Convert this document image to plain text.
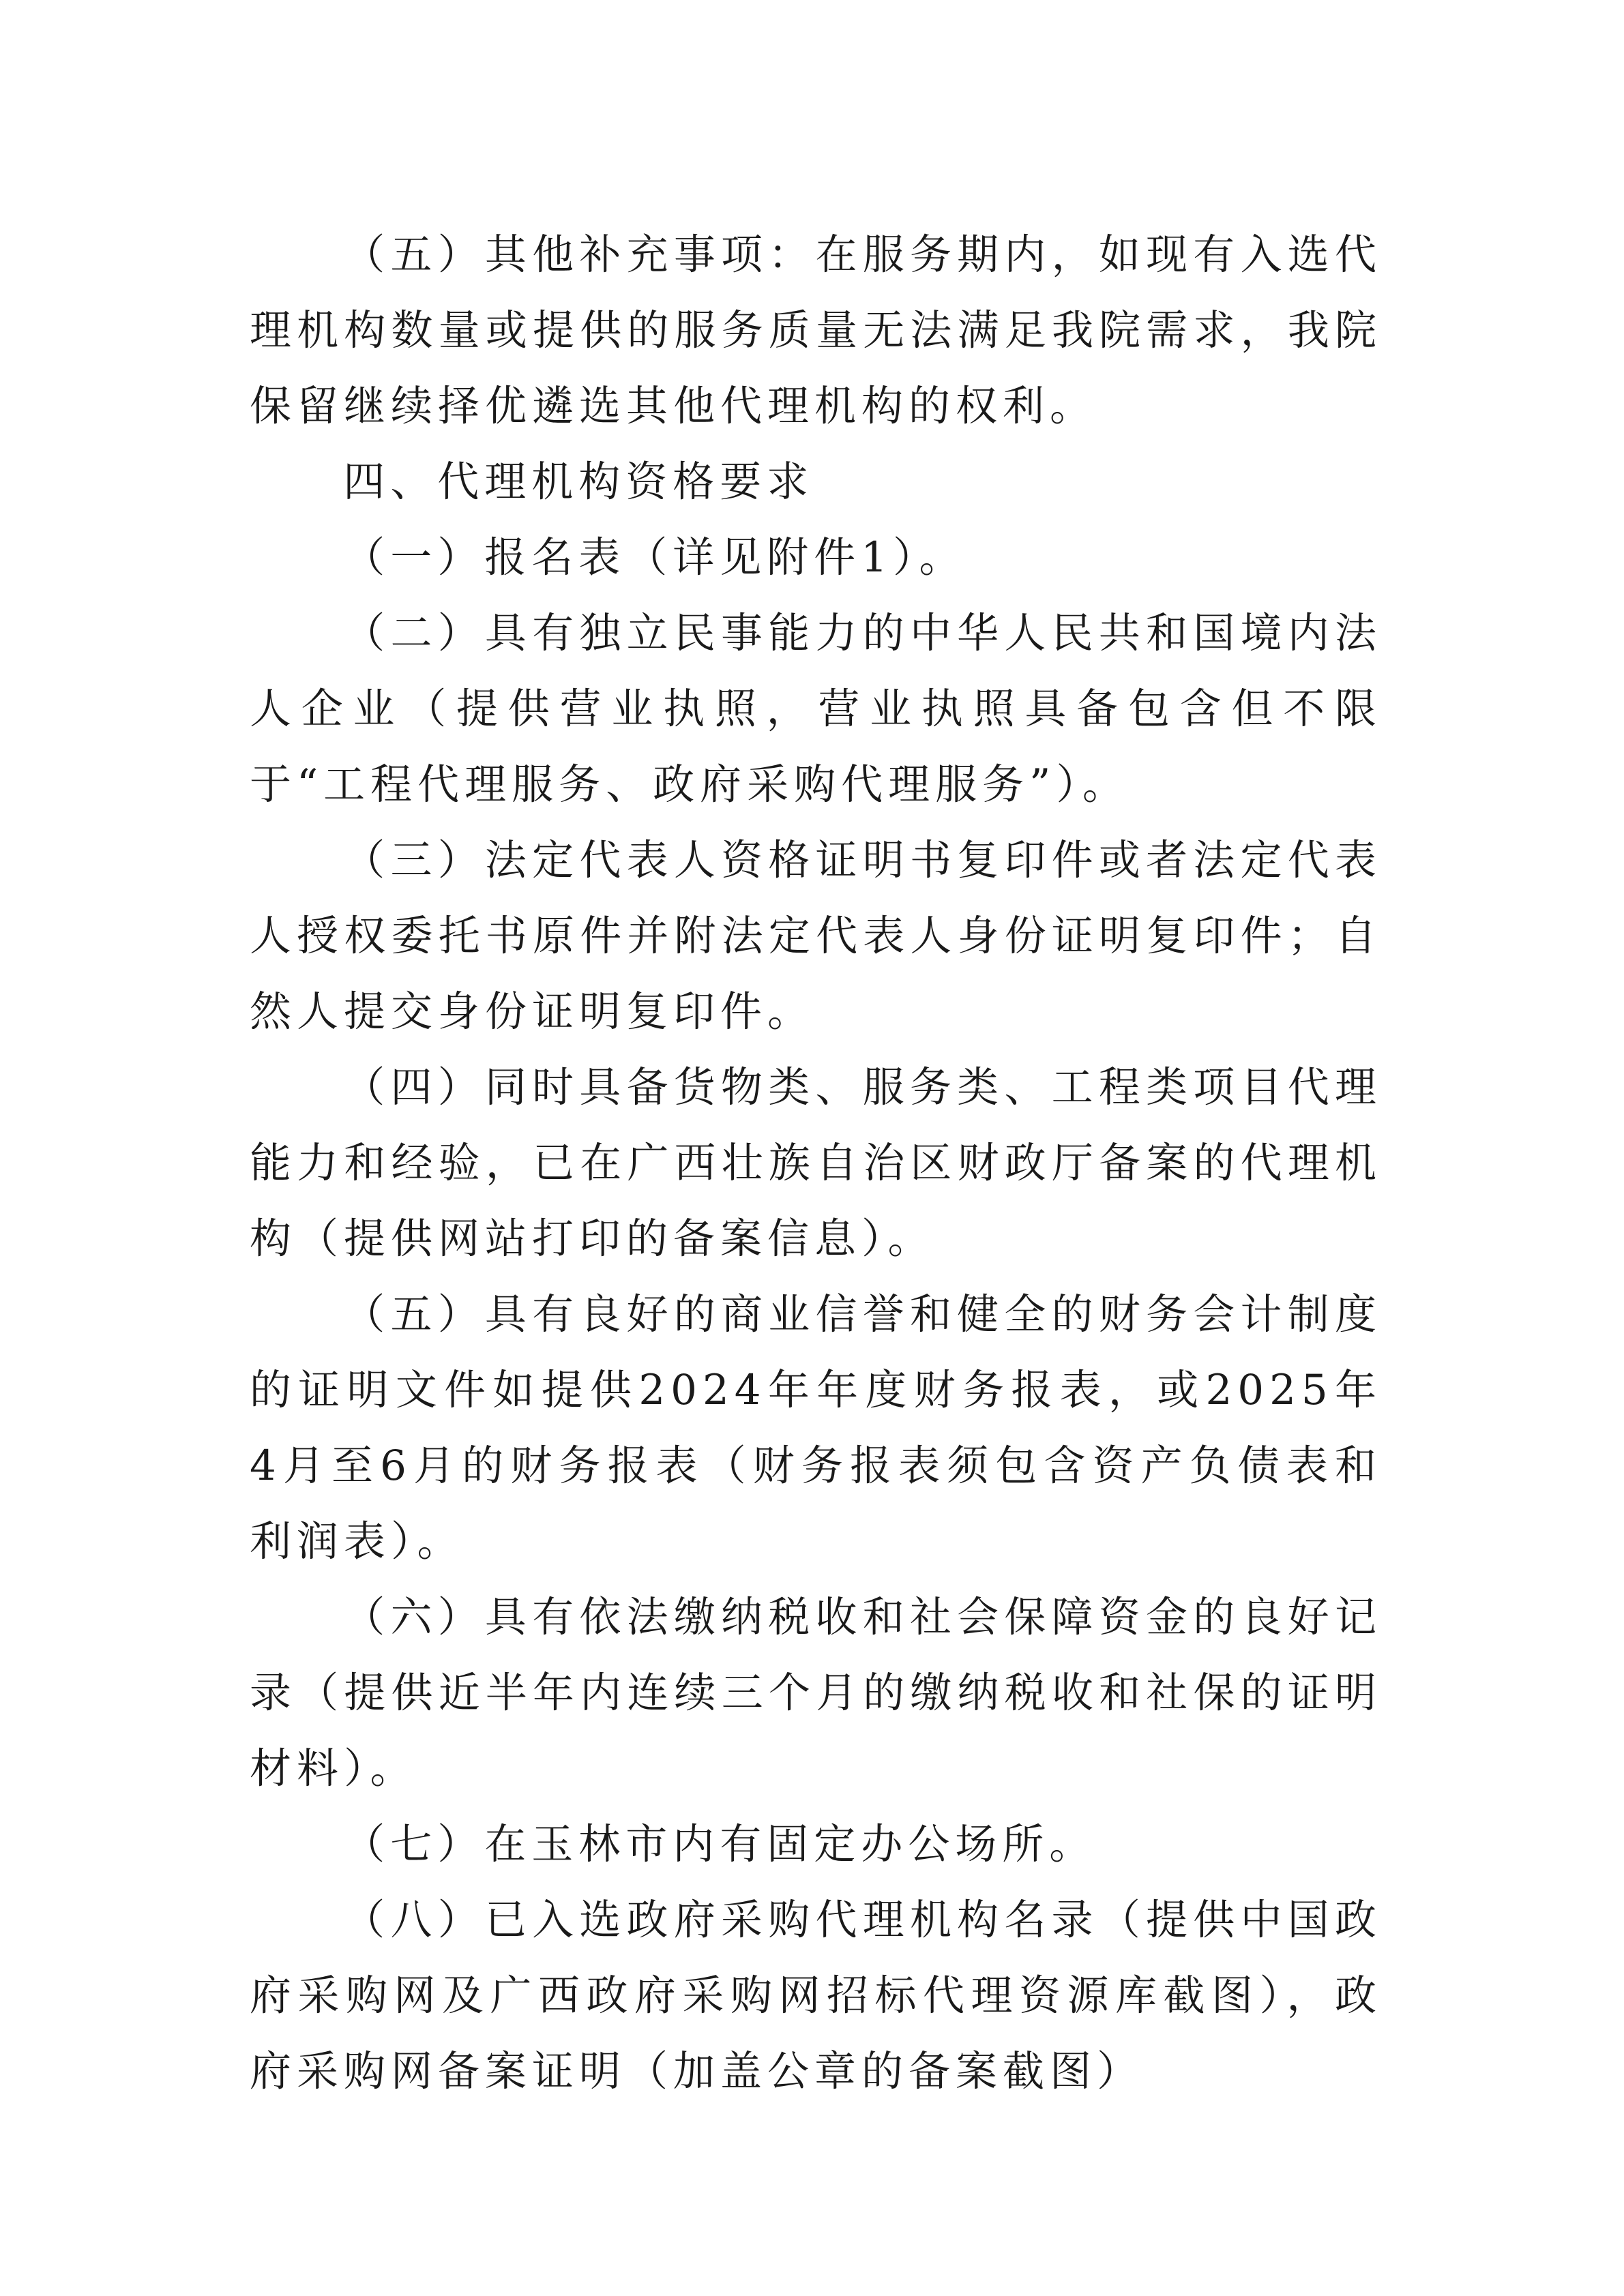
（五）其他补充事项：在服务期内，如现有入选代理机构数量或提供的服务质量无法满足我院需求，我院保留继续择优遴选其他代理机构的权利。

四、代理机构资格要求

（一）报名表（详见附件1）。

（二）具有独立民事能力的中华人民共和国境内法人企业（提供营业执照，营业执照具备包含但不限于“工程代理服务、政府采购代理服务”）。

（三）法定代表人资格证明书复印件或者法定代表人授权委托书原件并附法定代表人身份证明复印件；自然人提交身份证明复印件。

（四）同时具备货物类、服务类、工程类项目代理能力和经验，已在广西壮族自治区财政厅备案的代理机构（提供网站打印的备案信息）。

（五）具有良好的商业信誉和健全的财务会计制度的证明文件如提供2024年年度财务报表，或2025年4月至6月的财务报表（财务报表须包含资产负债表和利润表）。

（六）具有依法缴纳税收和社会保障资金的良好记录（提供近半年内连续三个月的缴纳税收和社保的证明材料）。

（七）在玉林市内有固定办公场所。

（八）已入选政府采购代理机构名录（提供中国政府采购网及广西政府采购网招标代理资源库截图），政府采购网备案证明（加盖公章的备案截图）
